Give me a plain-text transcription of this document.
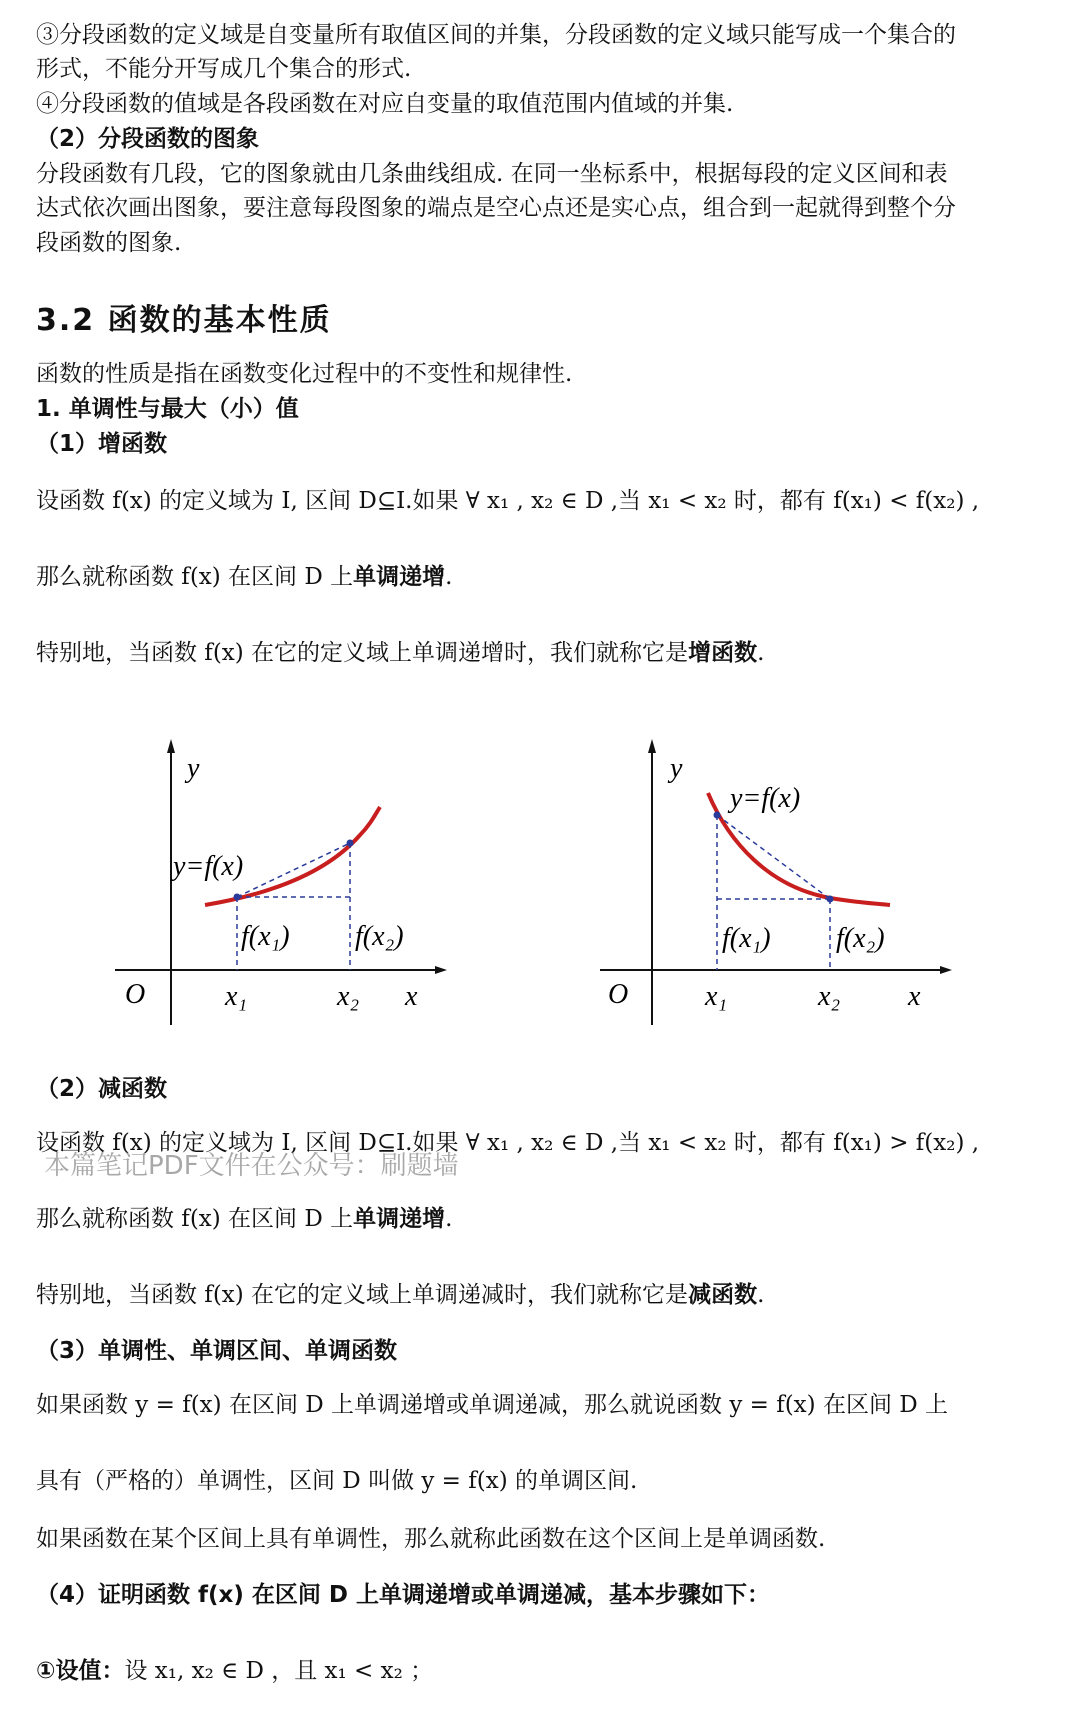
③分段函数的定义域是自变量所有取值区间的并集，分段函数的定义域只能写成一个集合的
形式，不能分开写成几个集合的形式.
④分段函数的值域是各段函数在对应自变量的取值范围内值域的并集.
（2）分段函数的图象
分段函数有几段，它的图象就由几条曲线组成. 在同一坐标系中，根据每段的定义区间和表
达式依次画出图象，要注意每段图象的端点是空心点还是实心点，组合到一起就得到整个分
段函数的图象.
3.2 函数的基本性质
函数的性质是指在函数变化过程中的不变性和规律性.
1. 单调性与最大（小）值
（1）增函数
设函数 f(x) 的定义域为 I, 区间 D⊆I.如果 ∀ x₁ , x₂ ∈ D ,当 x₁ < x₂ 时，都有 f(x₁) < f(x₂) ,
那么就称函数 f(x) 在区间 D 上单调递增.
特别地，当函数 f(x) 在它的定义域上单调递增时，我们就称它是增函数.
y
y=f(x)
f(x₁) f(x₂)
O	x₁	x₂ x
y
y=f(x)
f(x₁) f(x₂)
O	x₁	x₂ x
（2）减函数
设函数 f(x) 的定义域为 I, 区间 D⊆I.如果 ∀ x₁ , x₂ ∈ D ,当 x₁ < x₂ 时，都有 f(x₁) > f(x₂) ,
本篇笔记PDF文件在公众号：刷题墙
那么就称函数 f(x) 在区间 D 上单调递增.
特别地，当函数 f(x) 在它的定义域上单调递减时，我们就称它是减函数.
（3）单调性、单调区间、单调函数
如果函数 y = f(x) 在区间 D 上单调递增或单调递减，那么就说函数 y = f(x) 在区间 D 上
具有（严格的）单调性，区间 D 叫做 y = f(x) 的单调区间.
如果函数在某个区间上具有单调性，那么就称此函数在这个区间上是单调函数.
（4）证明函数 f(x) 在区间 D 上单调递增或单调递减，基本步骤如下：
①设值：设 x₁, x₂ ∈ D ，且 x₁ < x₂ ；
